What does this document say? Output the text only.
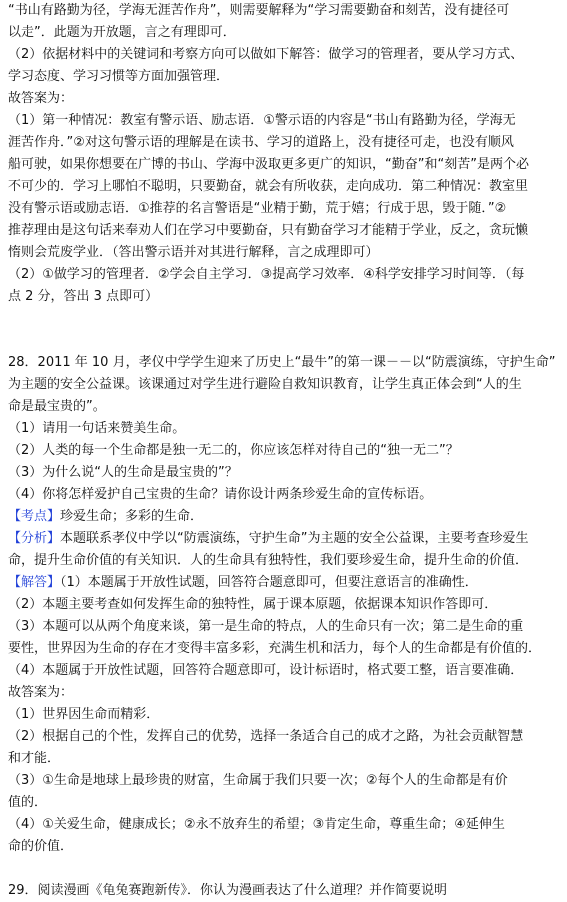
“书山有路勤为径，学海无涯苦作舟”，则需要解释为“学习需要勤奋和刻苦，没有捷径可
以走”．此题为开放题，言之有理即可．
（2）依据材料中的关键词和考察方向可以做如下解答：做学习的管理者，要从学习方式、
学习态度、学习习惯等方面加强管理．
故答案为：
（1）第一种情况：教室有警示语、励志语．①警示语的内容是“书山有路勤为径，学海无
涯苦作舟．”②对这句警示语的理解是在读书、学习的道路上，没有捷径可走，也没有顺风
船可驶，如果你想要在广博的书山、学海中汲取更多更广的知识，“勤奋”和“刻苦”是两个必
不可少的．学习上哪怕不聪明，只要勤奋，就会有所收获，走向成功．第二种情况：教室里
没有警示语或励志语．①推荐的名言警语是“业精于勤，荒于嬉；行成于思，毁于随．”②
推荐理由是这句话来奉劝人们在学习中要勤奋，只有勤奋学习才能精于学业，反之，贪玩懒
惰则会荒废学业．（答出警示语并对其进行解释，言之成理即可）
（2）①做学习的管理者．②学会自主学习．③提高学习效率．④科学安排学习时间等．（每
点 2 分，答出 3 点即可）
28．2011 年 10 月，孝仪中学学生迎来了历史上“最牛”的第一课－－以“防震演练，守护生命”
为主题的安全公益课。该课通过对学生进行避险自救知识教育，让学生真正体会到“人的生
命是最宝贵的”。
（1）请用一句话来赞美生命。
（2）人类的每一个生命都是独一无二的，你应该怎样对待自己的“独一无二”？
（3）为什么说“人的生命是最宝贵的”？
（4）你将怎样爱护自己宝贵的生命？请你设计两条珍爱生命的宣传标语。
【考点】珍爱生命；多彩的生命．
【分析】本题联系孝仪中学以“防震演练，守护生命”为主题的安全公益课，主要考查珍爱生
命，提升生命价值的有关知识．人的生命具有独特性，我们要珍爱生命，提升生命的价值．
【解答】（1）本题属于开放性试题，回答符合题意即可，但要注意语言的准确性．
（2）本题主要考查如何发挥生命的独特性，属于课本原题，依据课本知识作答即可．
（3）本题可以从两个角度来谈，第一是生命的特点，人的生命只有一次；第二是生命的重
要性，世界因为生命的存在才变得丰富多彩，充满生机和活力，每个人的生命都是有价值的．
（4）本题属于开放性试题，回答符合题意即可，设计标语时，格式要工整，语言要准确．
故答案为：
（1）世界因生命而精彩．
（2）根据自己的个性，发挥自己的优势，选择一条适合自己的成才之路，为社会贡献智慧
和才能．
（3）①生命是地球上最珍贵的财富，生命属于我们只要一次；②每个人的生命都是有价
值的．
（4）①关爱生命，健康成长；②永不放弃生的希望；③肯定生命，尊重生命；④延伸生
命的价值．
29．阅读漫画《龟兔赛跑新传》．你认为漫画表达了什么道理？并作简要说明
